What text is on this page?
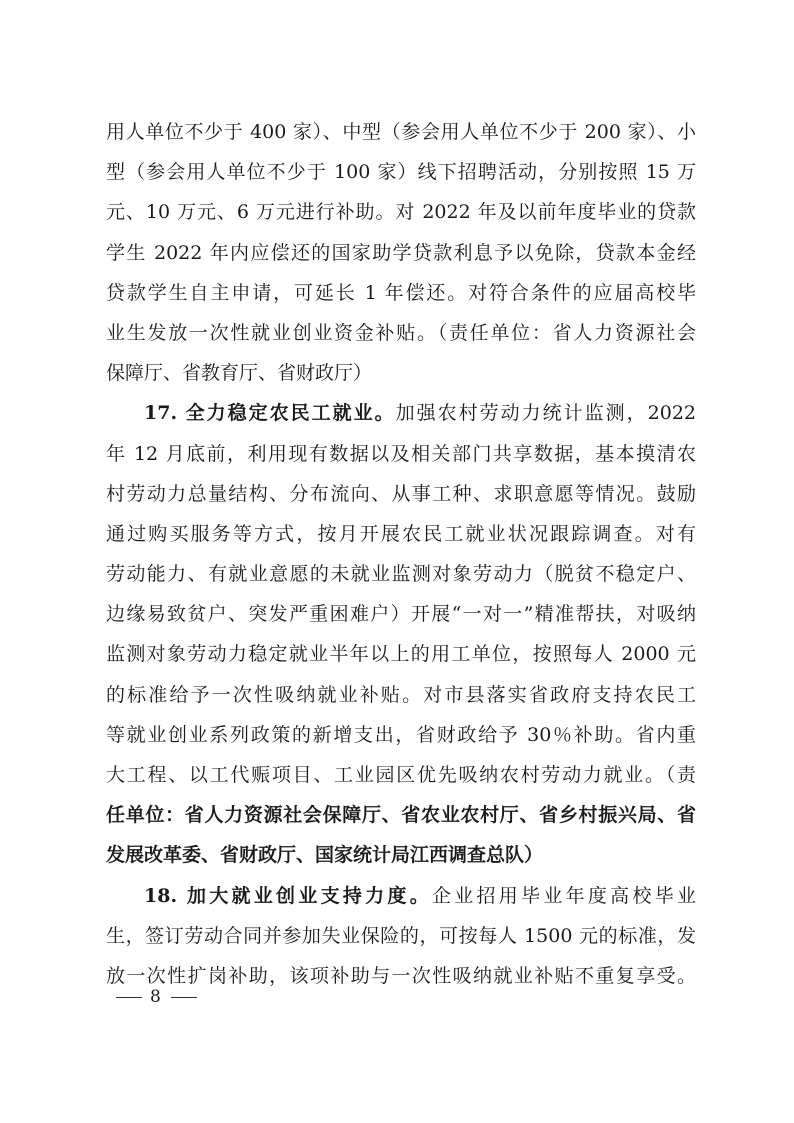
用人单位不少于 400 家）、中型（参会用人单位不少于 200 家）、小
型（参会用人单位不少于 100 家）线下招聘活动，分别按照 15 万
元、10 万元、6 万元进行补助。对 2022 年及以前年度毕业的贷款
学生 2022 年内应偿还的国家助学贷款利息予以免除，贷款本金经
贷款学生自主申请，可延长 1 年偿还。对符合条件的应届高校毕
业生发放一次性就业创业资金补贴。（责任单位：省人力资源社会
保障厅、省教育厅、省财政厅）
17. 全力稳定农民工就业。加强农村劳动力统计监测，2022
年 12 月底前，利用现有数据以及相关部门共享数据，基本摸清农
村劳动力总量结构、分布流向、从事工种、求职意愿等情况。鼓励
通过购买服务等方式，按月开展农民工就业状况跟踪调查。对有
劳动能力、有就业意愿的未就业监测对象劳动力（脱贫不稳定户、
边缘易致贫户、突发严重困难户）开展“一对一”精准帮扶，对吸纳
监测对象劳动力稳定就业半年以上的用工单位，按照每人 2000 元
的标准给予一次性吸纳就业补贴。对市县落实省政府支持农民工
等就业创业系列政策的新增支出，省财政给予 30％补助。省内重
大工程、以工代赈项目、工业园区优先吸纳农村劳动力就业。（责
任单位：省人力资源社会保障厅、省农业农村厅、省乡村振兴局、省
发展改革委、省财政厅、国家统计局江西调查总队）
18. 加大就业创业支持力度。企业招用毕业年度高校毕业
生，签订劳动合同并参加失业保险的，可按每人 1500 元的标准，发
放一次性扩岗补助，该项补助与一次性吸纳就业补贴不重复享受。
8
